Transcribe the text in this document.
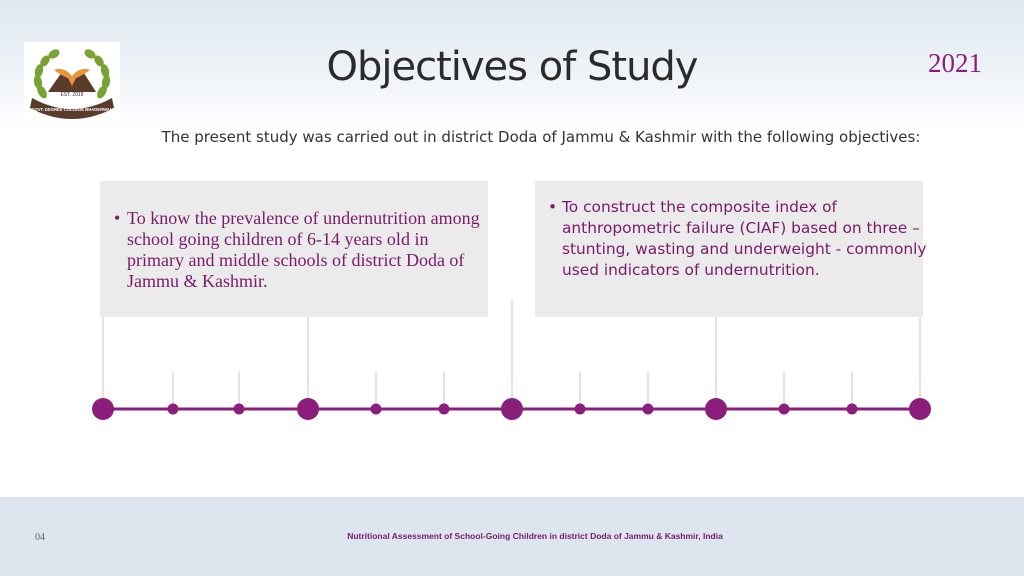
EST. 2018
GOVT. DEGREE COLLEGE BHADERWAH
Objectives of Study	2021
The present study was carried out in district Doda of Jammu & Kashmir with the following objectives:
• To know the prevalence of undernutrition among school going children of 6-14 years old in primary and middle schools of district Doda of Jammu & Kashmir.
• To construct the composite index of anthropometric failure (CIAF) based on three – stunting, wasting and underweight - commonly used indicators of undernutrition.
04	Nutritional Assessment of School-Going Children in district Doda of Jammu & Kashmir, India
